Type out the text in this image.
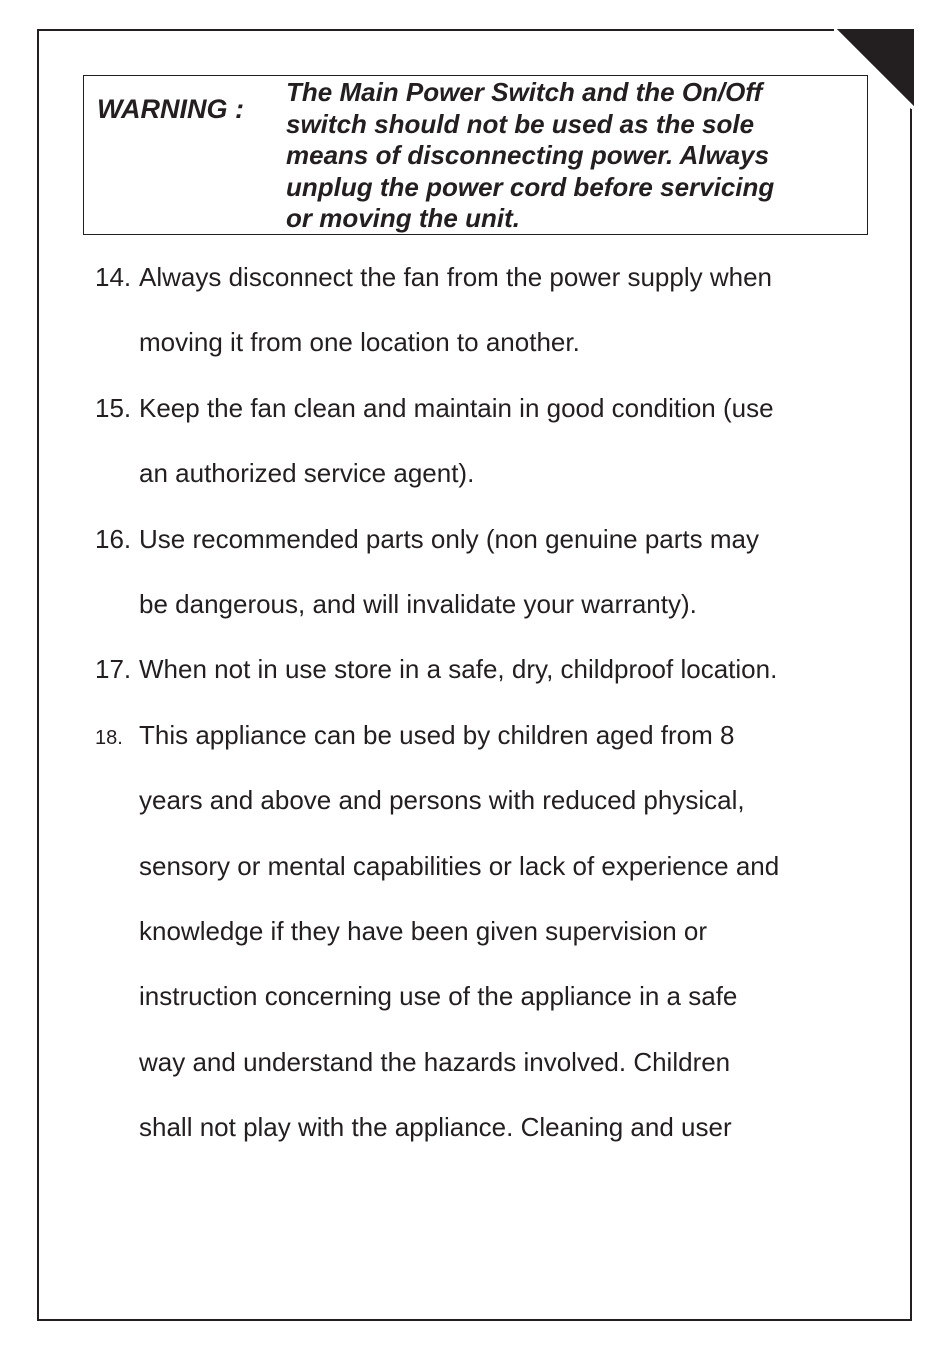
WARNING :
The Main Power Switch and the On/Off
switch should not be used as the sole
means of disconnecting power. Always
unplug the power cord before servicing
or moving the unit.
14. Always disconnect the fan from the power supply when
moving it from one location to another.
15. Keep the fan clean and maintain in good condition (use
an authorized service agent).
16. Use recommended parts only (non genuine parts may
be dangerous, and will invalidate your warranty).
17. When not in use store in a safe, dry, childproof location.
18. This appliance can be used by children aged from 8
years and above and persons with reduced physical,
sensory or mental capabilities or lack of experience and
knowledge if they have been given supervision or
instruction concerning use of the appliance in a safe
way and understand the hazards involved. Children
shall not play with the appliance. Cleaning and user
